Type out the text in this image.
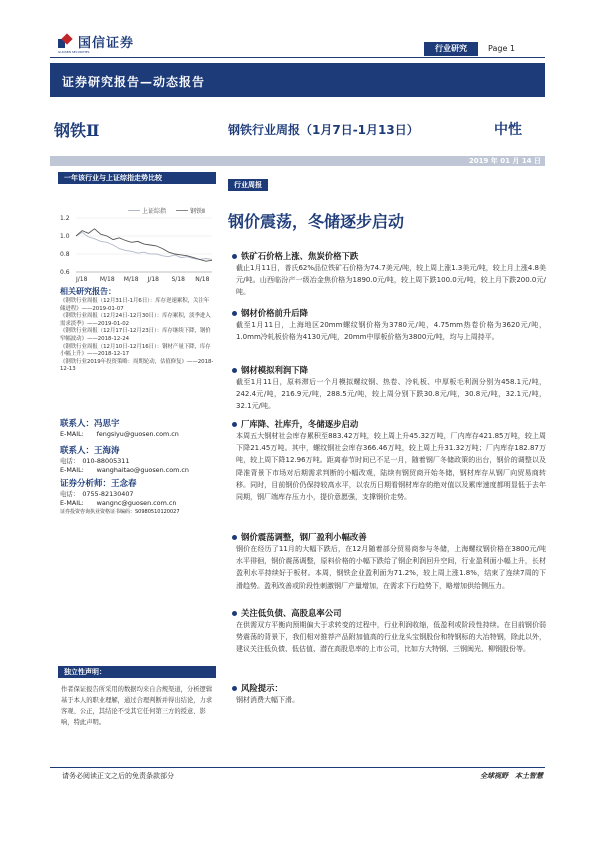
国信证券
GUOSEN SECURITIES	行业研究	Page 1
证券研究报告—动态报告
钢铁Ⅱ	钢铁行业周报（1月7日-1月13日）	中性
2019 年 01 月 14 日
一年该行业与上证综指走势比较
上证综指	钢铁Ⅱ
1.2
1.0
0.8
0.6
J/18 M/18 M/18 J/18 S/18 N/18
相关研究报告：
《钢铁行业周报（12月31日-1月6日）：库存逆速累积，关注年储进程》——2019-01-07
《钢铁行业周报（12月24日-12月30日）：库存累积，淡季进入需求淡季》——2019-01-02
《钢铁行业周报（12月17日-12月23日）：库存继续下降，钢价窄幅波动》——2018-12-24
《钢铁行业周报（12月10日-12月16日）：钢材产量下降，库存小幅上升》——2018-12-17
《钢铁行业2019年投资策略：周期轮动，估值修复》——2018-12-13
联系人：冯思宇
E-MAIL:　　fengsiyu@guosen.com.cn
联系人：王海涛
电话：　010-88005311
E-MAIL:　　wanghaitao@guosen.com.cn
证券分析师：王念春
电话：　0755-82130407
E-MAIL:　　wangnc@guosen.com.cn
证券投资咨询执业资格证书编码：S0980510120027
独立性声明：
作者保证报告所采用的数据均来自合规渠道，分析逻辑基于本人的职业理解，通过合理判断并得出结论，力求客观、公正，其结论不受其它任何第三方的授意、影响，特此声明。
行业周报
钢价震荡，冬储逐步启动
铁矿石价格上涨、焦炭价格下跌
截止1月11日，普氏62%品位铁矿石价格为74.7美元/吨，较上周上涨1.3美元/吨，较上月上涨4.8美元/吨。山西临汾产一级冶金焦价格为1890.0元/吨，较上周下跌100.0元/吨，较上月下跌200.0元/吨。
钢材价格前升后降
截至1月11日，上海地区20mm螺纹钢价格为3780元/吨，4.75mm热卷价格为3620元/吨，1.0mm冷轧板价格为4130元/吨，20mm中厚板价格为3800元/吨，均与上周持平。
钢材模拟利润下降
截至1月11日，原料滞后一个月模拟螺纹钢、热卷、冷轧板、中厚板毛利润分别为458.1元/吨，242.4元/吨，216.9元/吨，288.5元/吨，较上周分别下跌30.8元/吨，30.8元/吨，32.1元/吨，32.1元/吨。
厂库降、社库升，冬储逐步启动
本周五大钢材社会库存累积至883.42万吨，较上周上升45.32万吨，厂内库存421.85万吨，较上周下降21.45万吨。其中，螺纹钢社会库存366.46万吨，较上周上升31.32万吨；厂内库存182.87万吨，较上周下降12.96万吨。距离春节时间已不足一月，随着钢厂冬储政策的出台，钢价的调整以及降准背景下市场对后期需求判断的小幅改观，陆续有钢贸商开始冬储，钢材库存从钢厂向贸易商转移。同时，目前钢价仍保持较高水平，以农历日期看钢材库存的绝对值以及累库速度都明显低于去年同期，钢厂端库存压力小，提价意愿强，支撑钢价走势。
钢价震荡调整，钢厂盈利小幅改善
钢价在经历了11月的大幅下跌后，在12月随着部分贸易商参与冬储，上海螺纹钢价格在3800元/吨水平徘徊，钢价震荡调整，原料价格的小幅下跌给了钢企利润回升空间，行业盈利面小幅上升，长材盈利水平持续好于板材。本周，钢铁企业盈利面为71.2%，较上周上涨1.8%，结束了连续7周的下滑趋势。盈利改善或阶段性刺激钢厂产量增加，在需求下行趋势下，略增加供给侧压力。
关注低负债、高股息率公司
在供需双方平衡向预期偏大于求转变的过程中，行业利润收缩，低盈利或阶段性持续。在目前钢价弱势震荡的背景下，我们相对推荐产品附加值高的行业龙头宝钢股份和特钢标的大冶特钢，除此以外，建议关注低负债、低估值、潜在高股息率的上市公司，比如方大特钢、三钢闽光、柳钢股份等。
风险提示：
钢材消费大幅下滑。
请务必阅读正文之后的免责条款部分	全球视野　本土智慧
